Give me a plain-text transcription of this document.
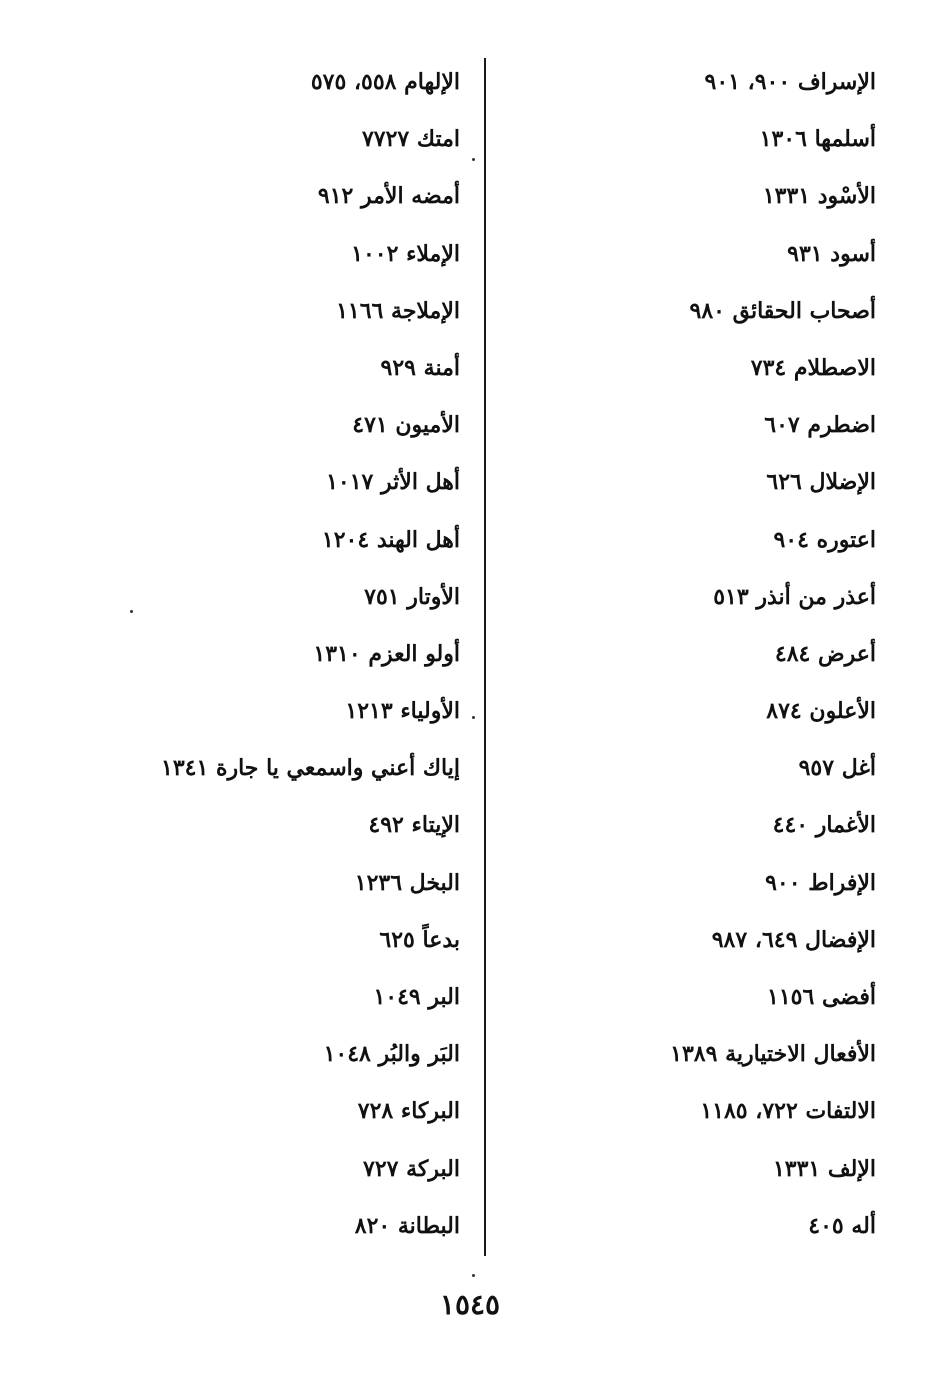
الإسراف ٩٠٠، ٩٠١
أسلمها ١٣٠٦
الأسْود ١٣٣١
أسود ٩٣١
أصحاب الحقائق ٩٨٠
الاصطلام ٧٣٤
اضطرم ٦٠٧
الإضلال ٦٢٦
اعتوره ٩٠٤
أعذر من أنذر ٥١٣
أعرض ٤٨٤
الأعلون ٨٧٤
أغل ٩٥٧
الأغمار ٤٤٠
الإفراط ٩٠٠
الإفضال ٦٤٩، ٩٨٧
أفضى ١١٥٦
الأفعال الاختيارية ١٣٨٩
الالتفات ٧٢٢، ١١٨٥
الإلف ١٣٣١
أله ٤٠٥
الإلهام ٥٥٨، ٥٧٥
امتك ٧٧٢٧
أمضه الأمر ٩١٢
الإملاء ١٠٠٢
الإملاجة ١١٦٦
أمنة ٩٢٩
الأميون ٤٧١
أهل الأثر ١٠١٧
أهل الهند ١٢٠٤
الأوتار ٧٥١
أولو العزم ١٣١٠
الأولياء ١٢١٣
إياك أعني واسمعي يا جارة ١٣٤١
الإيتاء ٤٩٢
البخل ١٢٣٦
بدعاً ٦٢٥
البر ١٠٤٩
البَر والبُر ١٠٤٨
البركاء ٧٢٨
البركة ٧٢٧
البطانة ٨٢٠
١٥٤٥
